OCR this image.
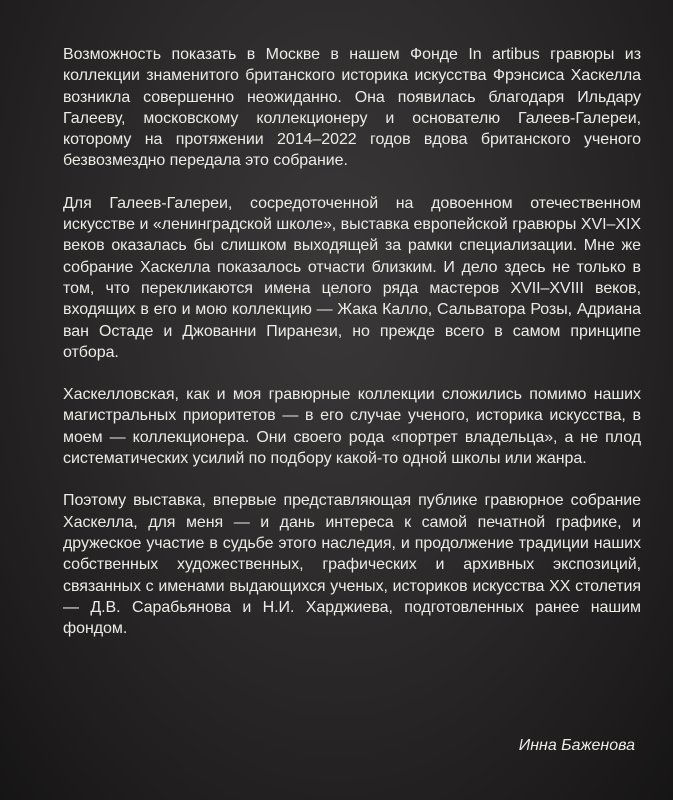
Возможность показать в Москве в нашем Фонде In artibus гравюры из коллекции знаменитого британского историка искусства Фрэнсиса Хаскелла возникла совершенно неожиданно. Она появилась благодаря Ильдару Галееву, московскому коллекционеру и основателю Галеев-Галереи, которому на протяжении 2014–2022 годов вдова британского ученого безвозмездно передала это собрание.

Для Галеев-Галереи, сосредоточенной на довоенном отечественном искусстве и «ленинградской школе», выставка европейской гравюры XVI–XIX веков оказалась бы слишком выходящей за рамки специализации. Мне же собрание Хаскелла показалось отчасти близким. И дело здесь не только в том, что перекликаются имена целого ряда мастеров XVII–XVIII веков, входящих в его и мою коллекцию — Жака Калло, Сальватора Розы, Адриана ван Остаде и Джованни Пиранези, но прежде всего в самом принципе отбора.

Хаскелловская, как и моя гравюрные коллекции сложились помимо наших магистральных приоритетов — в его случае ученого, историка искусства, в моем — коллекционера. Они своего рода «портрет владельца», а не плод систематических усилий по подбору какой-то одной школы или жанра.

Поэтому выставка, впервые представляющая публике гравюрное собрание Хаскелла, для меня — и дань интереса к самой печатной графике, и дружеское участие в судьбе этого наследия, и продолжение традиции наших собственных художественных, графических и архивных экспозиций, связанных с именами выдающихся ученых, историков искусства XX столетия — Д.В. Сарабьянова и Н.И. Харджиева, подготовленных ранее нашим фондом.

Инна Баженова
